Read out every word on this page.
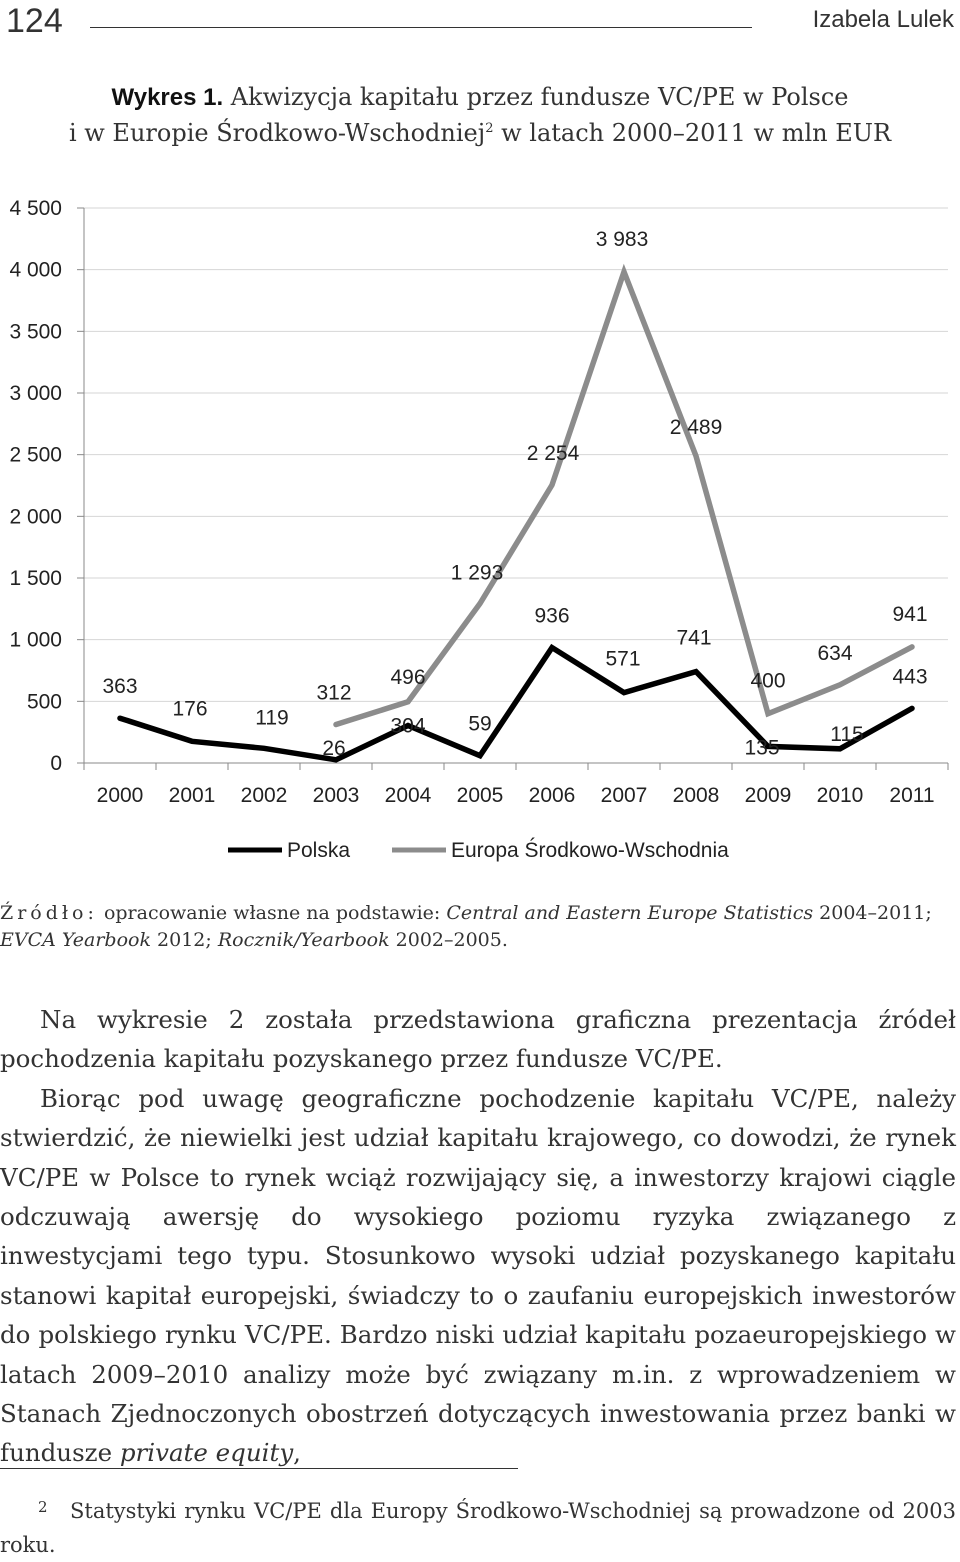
124	Izabela Lulek
Wykres 1. Akwizycja kapitału przez fundusze VC/PE w Polsce
i w Europie Środkowo-Wschodniej$^2$ w latach 2000–2011 w mln EUR
0
500
1 000
1 500
2 000
2 500
3 000
3 500
4 000
4 500
2000 2001 2002 2003 2004 2005 2006 2007 2008 2009 2010 2011
363
176 119
26
304 59
936
571
741
135
115
443
312
496
1 293
2 254
3 983
2 489
400
634
941
Polska	Europa Środkowo-Wschodnia
Źródło: opracowanie własne na podstawie: Central and Eastern Europe Statistics 2004–2011; EVCA Yearbook 2012; Rocznik/Yearbook 2002–2005.

Na wykresie 2 została przedstawiona graficzna prezentacja źródeł pochodzenia kapitału pozyskanego przez fundusze VC/PE.

Biorąc pod uwagę geograficzne pochodzenie kapitału VC/PE, należy stwierdzić, że niewielki jest udział kapitału krajowego, co dowodzi, że rynek VC/PE w Polsce to rynek wciąż rozwijający się, a inwestorzy krajowi ciągle odczuwają awersję do wysokiego poziomu ryzyka związanego z inwestycjami tego typu. Stosunkowo wysoki udział pozyskanego kapitału stanowi kapitał europejski, świadczy to o zaufaniu europejskich inwestorów do polskiego rynku VC/PE. Bardzo niski udział kapitału pozaeuropejskiego w latach 2009–2010 analizy może być związany m.in. z wprowadzeniem w Stanach Zjednoczonych obostrzeń dotyczących inwestowania przez banki w fundusze private equity,

2 Statystyki rynku VC/PE dla Europy Środkowo-Wschodniej są prowadzone od 2003 roku.
